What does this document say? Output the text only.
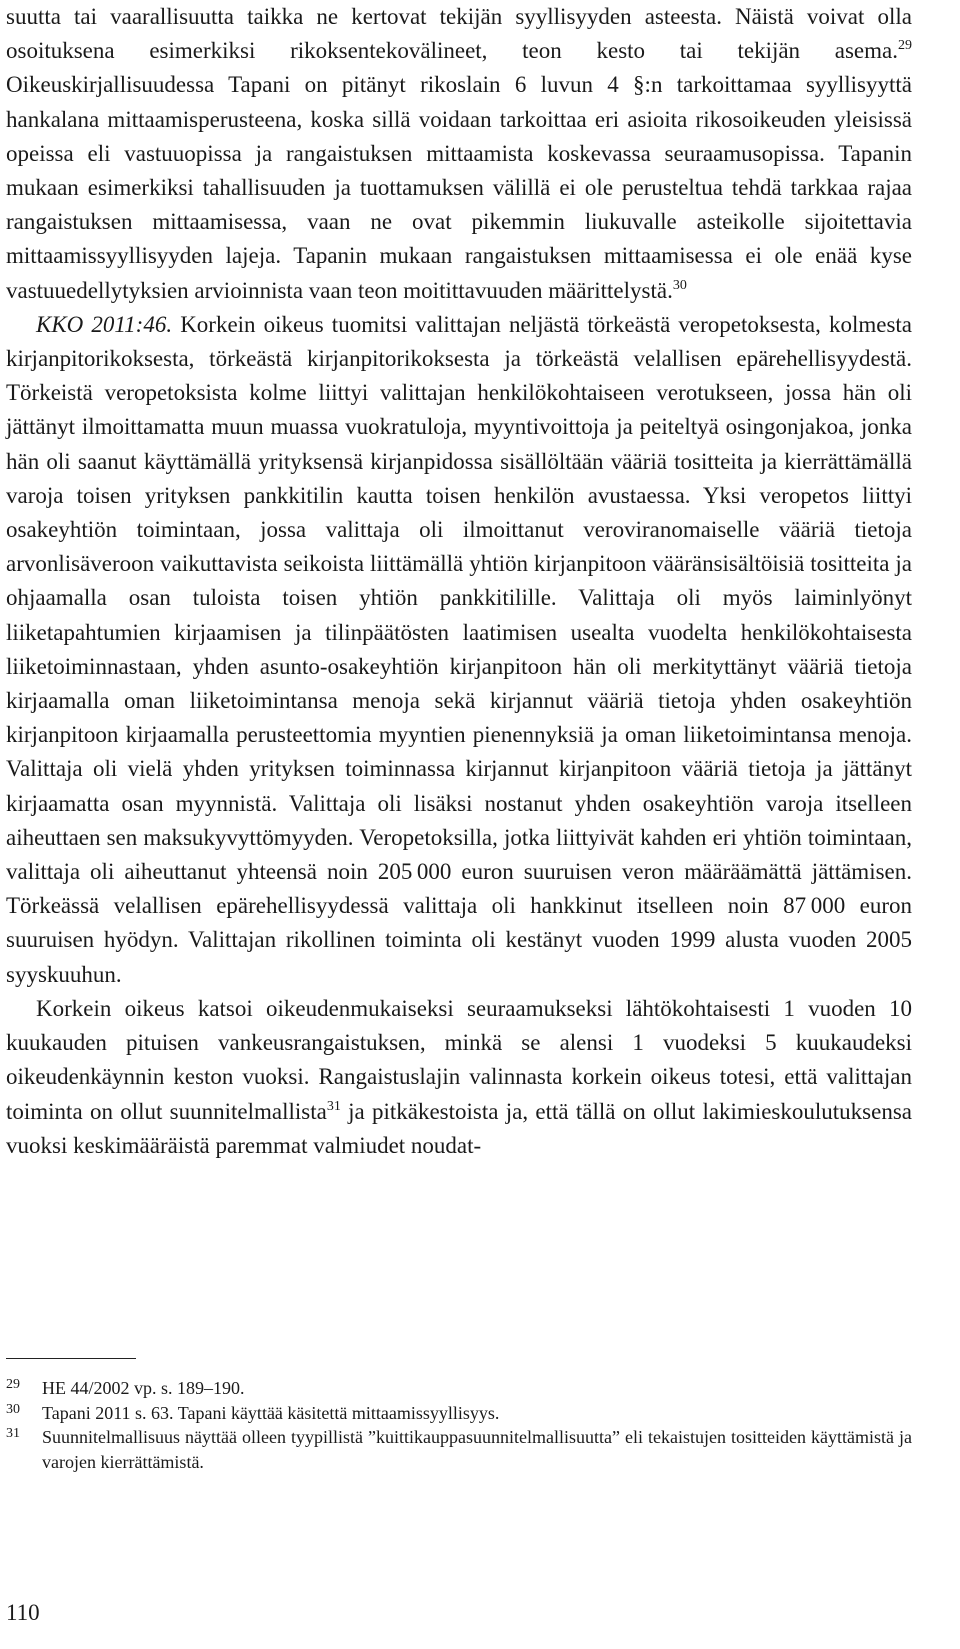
suutta tai vaarallisuutta taikka ne kertovat tekijän syyllisyyden asteesta. Näistä voivat olla osoituksena esimerkiksi rikoksentekovälineet, teon kesto tai tekijän asema.$^{29}$ Oikeuskirjallisuudessa Tapani on pitänyt rikoslain 6 luvun 4 §:n tarkoittamaa syyllisyyttä hankalana mittaamisperusteena, koska sillä voidaan tarkoittaa eri asioita rikosoikeuden yleisissä opeissa eli vastuuopissa ja rangaistuksen mittaamista koskevassa seuraamusopissa. Tapanin mukaan esimerkiksi tahallisuuden ja tuottamuksen välillä ei ole perusteltua tehdä tarkkaa rajaa rangaistuksen mittaamisessa, vaan ne ovat pikemmin liukuvalle asteikolle sijoitettavia mittaamissyyllisyyden lajeja. Tapanin mukaan rangaistuksen mittaamisessa ei ole enää kyse vastuuedellytyksien arvioinnista vaan teon moitittavuuden määrittelystä.$^{30}$

KKO 2011:46. Korkein oikeus tuomitsi valittajan neljästä törkeästä veropetoksesta, kolmesta kirjanpitorikoksesta, törkeästä kirjanpitorikoksesta ja törkeästä velallisen epärehellisyydestä. Törkeistä veropetoksista kolme liittyi valittajan henkilökohtaiseen verotukseen, jossa hän oli jättänyt ilmoittamatta muun muassa vuokratuloja, myyntivoittoja ja peiteltyä osingonjakoa, jonka hän oli saanut käyttämällä yrityksensä kirjanpidossa sisällöltään vääriä tositteita ja kierrättämällä varoja toisen yrityksen pankkitilin kautta toisen henkilön avustaessa. Yksi veropetos liittyi osakeyhtiön toimintaan, jossa valittaja oli ilmoittanut veroviranomaiselle vääriä tietoja arvonlisäveroon vaikuttavista seikoista liittämällä yhtiön kirjanpitoon vääränsisältöisiä tositteita ja ohjaamalla osan tuloista toisen yhtiön pankkitilille. Valittaja oli myös laiminlyönyt liiketapahtumien kirjaamisen ja tilinpäätösten laatimisen usealta vuodelta henkilökohtaisesta liiketoiminnastaan, yhden asunto-osakeyhtiön kirjanpitoon hän oli merkityttänyt vääriä tietoja kirjaamalla oman liiketoimintansa menoja sekä kirjannut vääriä tietoja yhden osakeyhtiön kirjanpitoon kirjaamalla perusteettomia myyntien pienennyksiä ja oman liiketoimintansa menoja. Valittaja oli vielä yhden yrityksen toiminnassa kirjannut kirjanpitoon vääriä tietoja ja jättänyt kirjaamatta osan myynnistä. Valittaja oli lisäksi nostanut yhden osakeyhtiön varoja itselleen aiheuttaen sen maksukyvyttömyyden. Veropetoksilla, jotka liittyivät kahden eri yhtiön toimintaan, valittaja oli aiheuttanut yhteensä noin 205 000 euron suuruisen veron määräämättä jättämisen. Törkeässä velallisen epärehellisyydessä valittaja oli hankkinut itselleen noin 87 000 euron suuruisen hyödyn. Valittajan rikollinen toiminta oli kestänyt vuoden 1999 alusta vuoden 2005 syyskuuhun.

Korkein oikeus katsoi oikeudenmukaiseksi seuraamukseksi lähtökohtaisesti 1 vuoden 10 kuukauden pituisen vankeusrangaistuksen, minkä se alensi 1 vuodeksi 5 kuukaudeksi oikeudenkäynnin keston vuoksi. Rangaistuslajin valinnasta korkein oikeus totesi, että valittajan toiminta on ollut suunnitelmallista$^{31}$ ja pitkäkestoista ja, että tällä on ollut lakimieskoulutuksensa vuoksi keskimääräistä paremmat valmiudet noudat-

29	HE 44/2002 vp. s. 189–190.
30	Tapani 2011 s. 63. Tapani käyttää käsitettä mittaamissyyllisyys.
31	Suunnitelmallisuus näyttää olleen tyypillistä ”kuittikauppasuunnitelmallisuutta” eli tekaistujen tositteiden käyttämistä ja varojen kierrättämistä.
110
